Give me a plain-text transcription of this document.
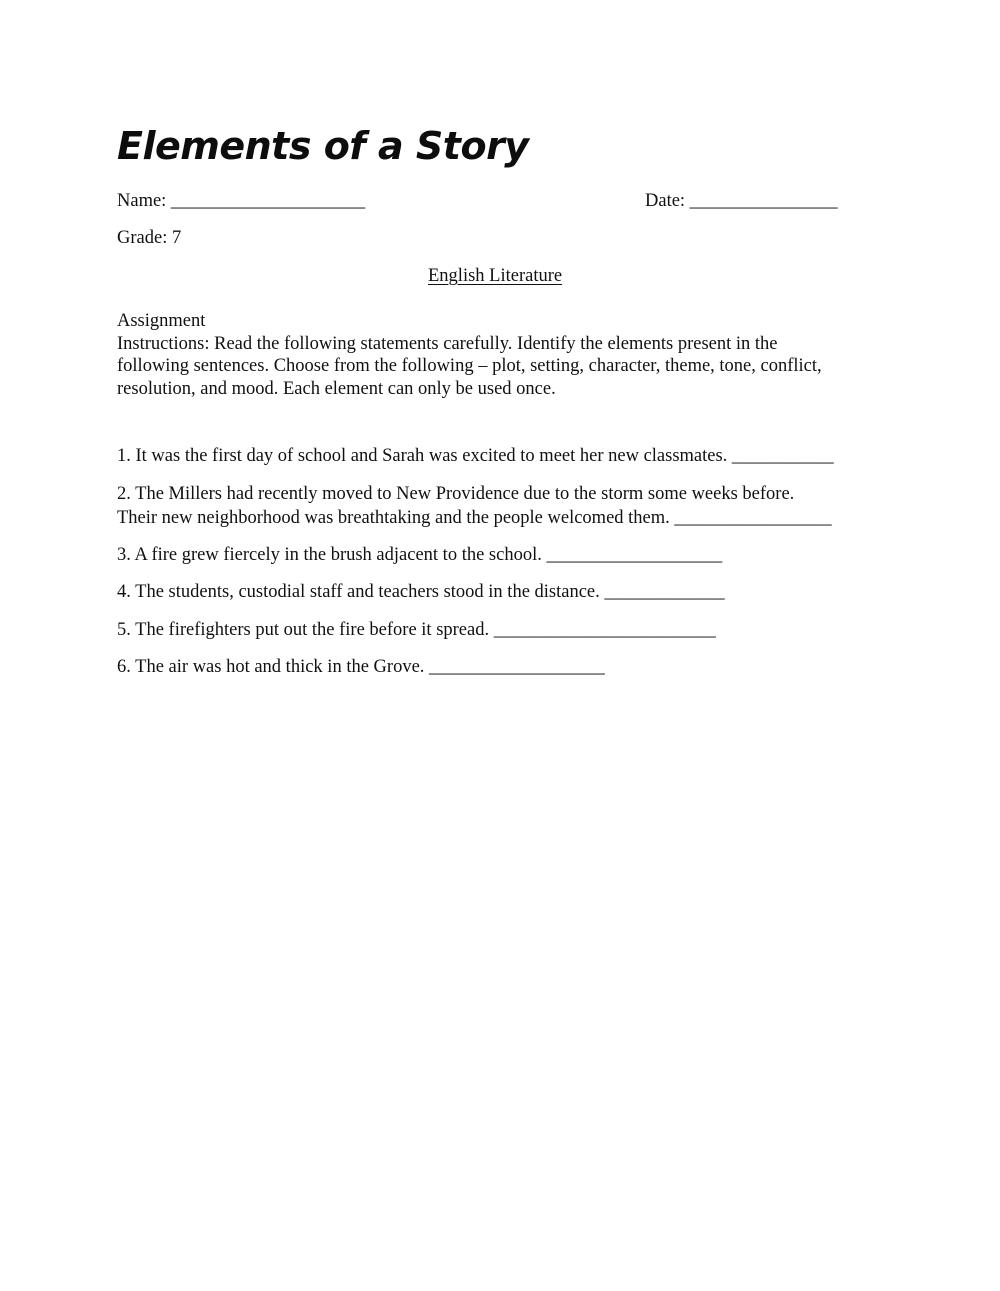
Elements of a Story
Name: _____________________	Date: ________________
Grade: 7
English Literature

Assignment

Instructions: Read the following statements carefully. Identify the elements present in the

following sentences. Choose from the following – plot, setting, character, theme, tone, conflict,

resolution, and mood. Each element can only be used once.

1. It was the first day of school and Sarah was excited to meet her new classmates. ___________
2. The Millers had recently moved to New Providence due to the storm some weeks before.
Their new neighborhood was breathtaking and the people welcomed them. _________________
3. A fire grew fiercely in the brush adjacent to the school. ___________________
4. The students, custodial staff and teachers stood in the distance. _____________
5. The firefighters put out the fire before it spread. ________________________
6. The air was hot and thick in the Grove. ___________________
